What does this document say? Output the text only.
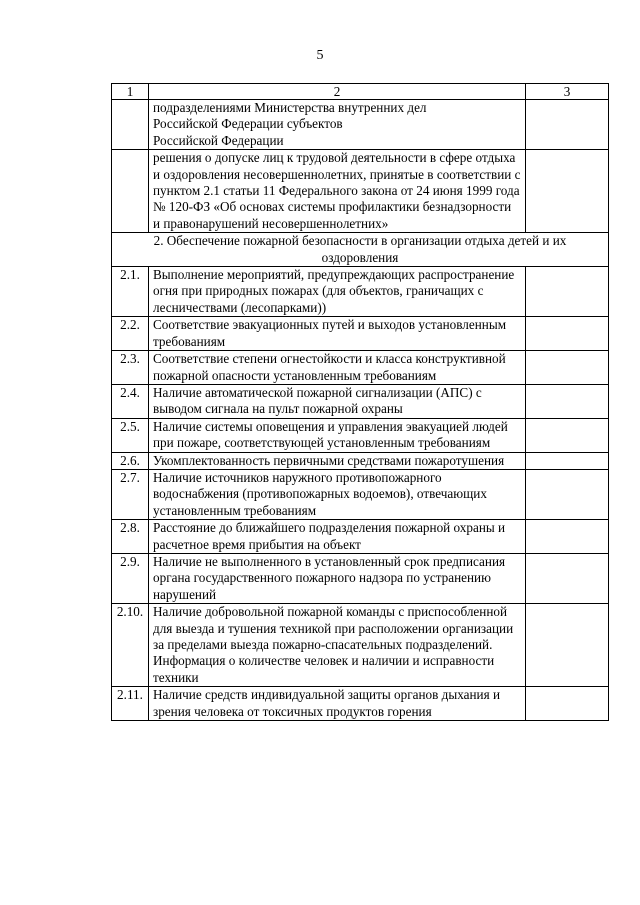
5
1	2	3
	подразделениями Министерства внутренних дел
Российской Федерации субъектов
Российской Федерации	
	решения о допуске лиц к трудовой деятельности в сфере отдыха и оздоровления несовершеннолетних, принятые в соответствии с пунктом 2.1 статьи 11 Федерального закона от 24 июня 1999 года № 120-ФЗ «Об основах системы профилактики безнадзорности и правонарушений несовершеннолетних»	
2. Обеспечение пожарной безопасности в организации отдыха детей и их оздоровления		
2.1.	Выполнение мероприятий, предупреждающих распространение огня при природных пожарах (для объектов, граничащих с лесничествами (лесопарками))	
2.2.	Соответствие эвакуационных путей и выходов установленным требованиям	
2.3.	Соответствие степени огнестойкости и класса конструктивной пожарной опасности установленным требованиям	
2.4.	Наличие автоматической пожарной сигнализации (АПС) с выводом сигнала на пульт пожарной охраны	
2.5.	Наличие системы оповещения и управления эвакуацией людей при пожаре, соответствующей установленным требованиям	
2.6.	Укомплектованность первичными средствами пожаротушения	
2.7.	Наличие источников наружного противопожарного водоснабжения (противопожарных водоемов), отвечающих установленным требованиям	
2.8.	Расстояние до ближайшего подразделения пожарной охраны и расчетное время прибытия на объект	
2.9.	Наличие не выполненного в установленный срок предписания органа государственного пожарного надзора по устранению нарушений	
2.10.	Наличие добровольной пожарной команды с приспособленной для выезда и тушения техникой при расположении организации за пределами выезда пожарно-спасательных подразделений. Информация о количестве человек и наличии и исправности техники	
2.11.	Наличие средств индивидуальной защиты органов дыхания и зрения человека от токсичных продуктов горения	
